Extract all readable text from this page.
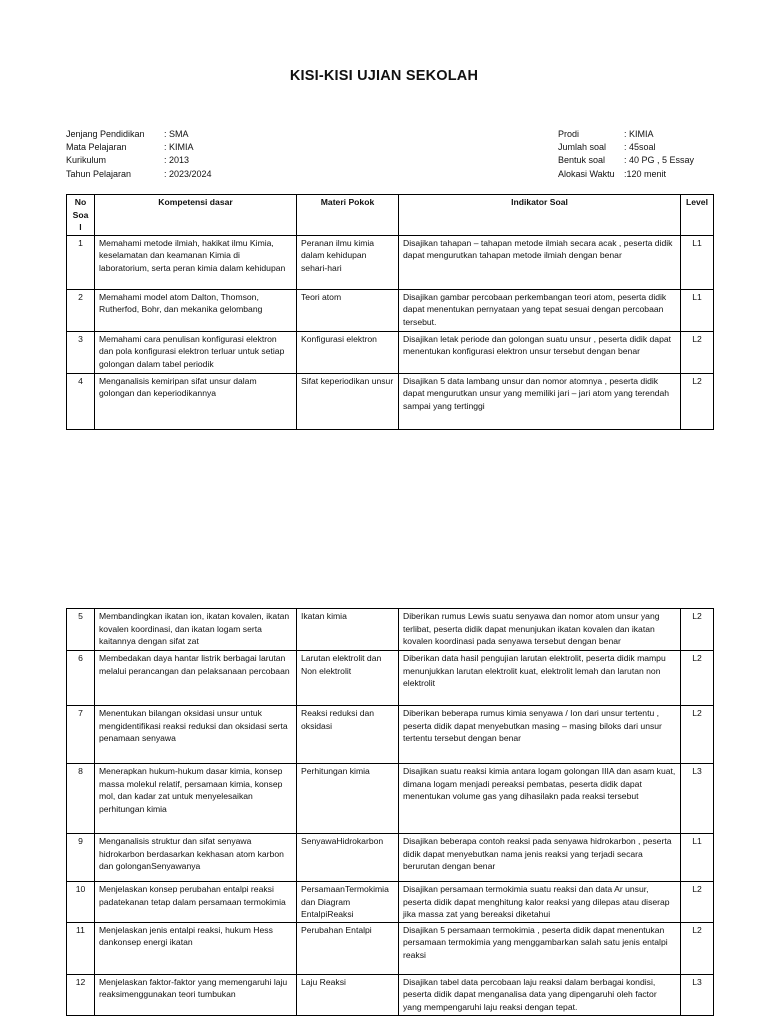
KISI-KISI UJIAN SEKOLAH
Jenjang Pendidikan	: SMA
Mata Pelajaran	: KIMIA
Kurikulum	: 2013
Tahun Pelajaran	: 2023/2024
Prodi	: KIMIA
Jumlah soal	: 45soal
Bentuk soal	: 40 PG , 5 Essay
Alokasi Waktu	:120 menit
No Soa l	Kompetensi dasar	Materi Pokok	Indikator Soal	Level
1	Memahami metode ilmiah, hakikat ilmu Kimia, keselamatan dan keamanan Kimia di laboratorium, serta peran kimia dalam kehidupan	Peranan ilmu kimia dalam kehidupan sehari-hari	Disajikan tahapan – tahapan metode ilmiah secara acak , peserta didik dapat mengurutkan tahapan metode ilmiah dengan benar	L1
2	Memahami model atom Dalton, Thomson, Rutherfod, Bohr, dan mekanika gelombang	Teori atom	Disajikan gambar percobaan perkembangan teori atom, peserta didik dapat menentukan pernyataan yang tepat sesuai dengan percobaan tersebut.	L1
3	Memahami cara penulisan konfigurasi elektron dan pola konfigurasi elektron terluar untuk setiap golongan dalam tabel periodik	Konfigurasi elektron	Disajikan letak periode dan golongan suatu unsur , peserta didik dapat menentukan konfigurasi elektron unsur tersebut dengan benar	L2
4	Menganalisis kemiripan sifat unsur dalam golongan dan keperiodikannya	Sifat keperiodikan unsur	Disajikan 5 data lambang unsur dan nomor atomnya , peserta didik dapat mengurutkan unsur yang memiliki jari – jari atom yang terendah sampai yang tertinggi	L2
5	Membandingkan ikatan ion, ikatan kovalen, ikatan kovalen koordinasi, dan ikatan logam serta kaitannya dengan sifat zat	Ikatan kimia	Diberikan rumus Lewis suatu senyawa dan nomor atom unsur yang terlibat, peserta didik dapat menunjukan ikatan kovalen dan ikatan kovalen koordinasi pada senyawa tersebut dengan benar	L2
6	Membedakan daya hantar listrik berbagai larutan melalui perancangan dan pelaksanaan percobaan	Larutan elektrolit dan Non elektrolit	Diberikan data hasil pengujian larutan elektrolit, peserta didik mampu menunjukkan larutan elektrolit kuat, elektrolit lemah dan larutan non elektrolit	L2
7	Menentukan bilangan oksidasi unsur untuk mengidentifikasi reaksi reduksi dan oksidasi serta penamaan senyawa	Reaksi reduksi dan oksidasi	Diberikan beberapa rumus kimia senyawa / Ion dari unsur tertentu , peserta didik dapat menyebutkan masing – masing biloks dari unsur tertentu tersebut dengan benar	L2
8	Menerapkan hukum-hukum dasar kimia, konsep massa molekul relatif, persamaan kimia, konsep mol, dan kadar zat untuk menyelesaikan perhitungan kimia	Perhitungan kimia	Disajikan suatu reaksi kimia antara logam golongan IIIA dan asam kuat, dimana logam menjadi pereaksi pembatas, peserta didik dapat menentukan volume gas yang dihasilakn pada reaksi tersebut	L3
9	Menganalisis struktur dan sifat senyawa hidrokarbon berdasarkan kekhasan atom karbon dan golonganSenyawanya	SenyawaHidrokarbon	Disajikan beberapa contoh reaksi pada senyawa hidrokarbon , peserta didik dapat menyebutkan nama jenis reaksi yang terjadi secara berurutan dengan benar	L1
10	Menjelaskan konsep perubahan entalpi reaksi padatekanan tetap dalam persamaan termokimia	PersamaanTermokimia dan Diagram EntalpiReaksi	Disajikan persamaan termokimia suatu reaksi dan data Ar unsur, peserta didik dapat menghitung kalor reaksi yang dilepas atau diserap jika massa zat yang bereaksi diketahui	L2
11	Menjelaskan jenis entalpi reaksi, hukum Hess dankonsep energi ikatan	Perubahan Entalpi	Disajikan 5 persamaan termokimia , peserta didik dapat menentukan persamaan termokimia yang menggambarkan salah satu jenis entalpi reaksi	L2
12	Menjelaskan faktor-faktor yang memengaruhi laju reaksimenggunakan teori tumbukan	Laju Reaksi	Disajikan tabel data percobaan laju reaksi dalam berbagai kondisi, peserta didik dapat menganalisa data yang dipengaruhi oleh factor yang mempengaruhi laju reaksi dengan tepat.	L3
